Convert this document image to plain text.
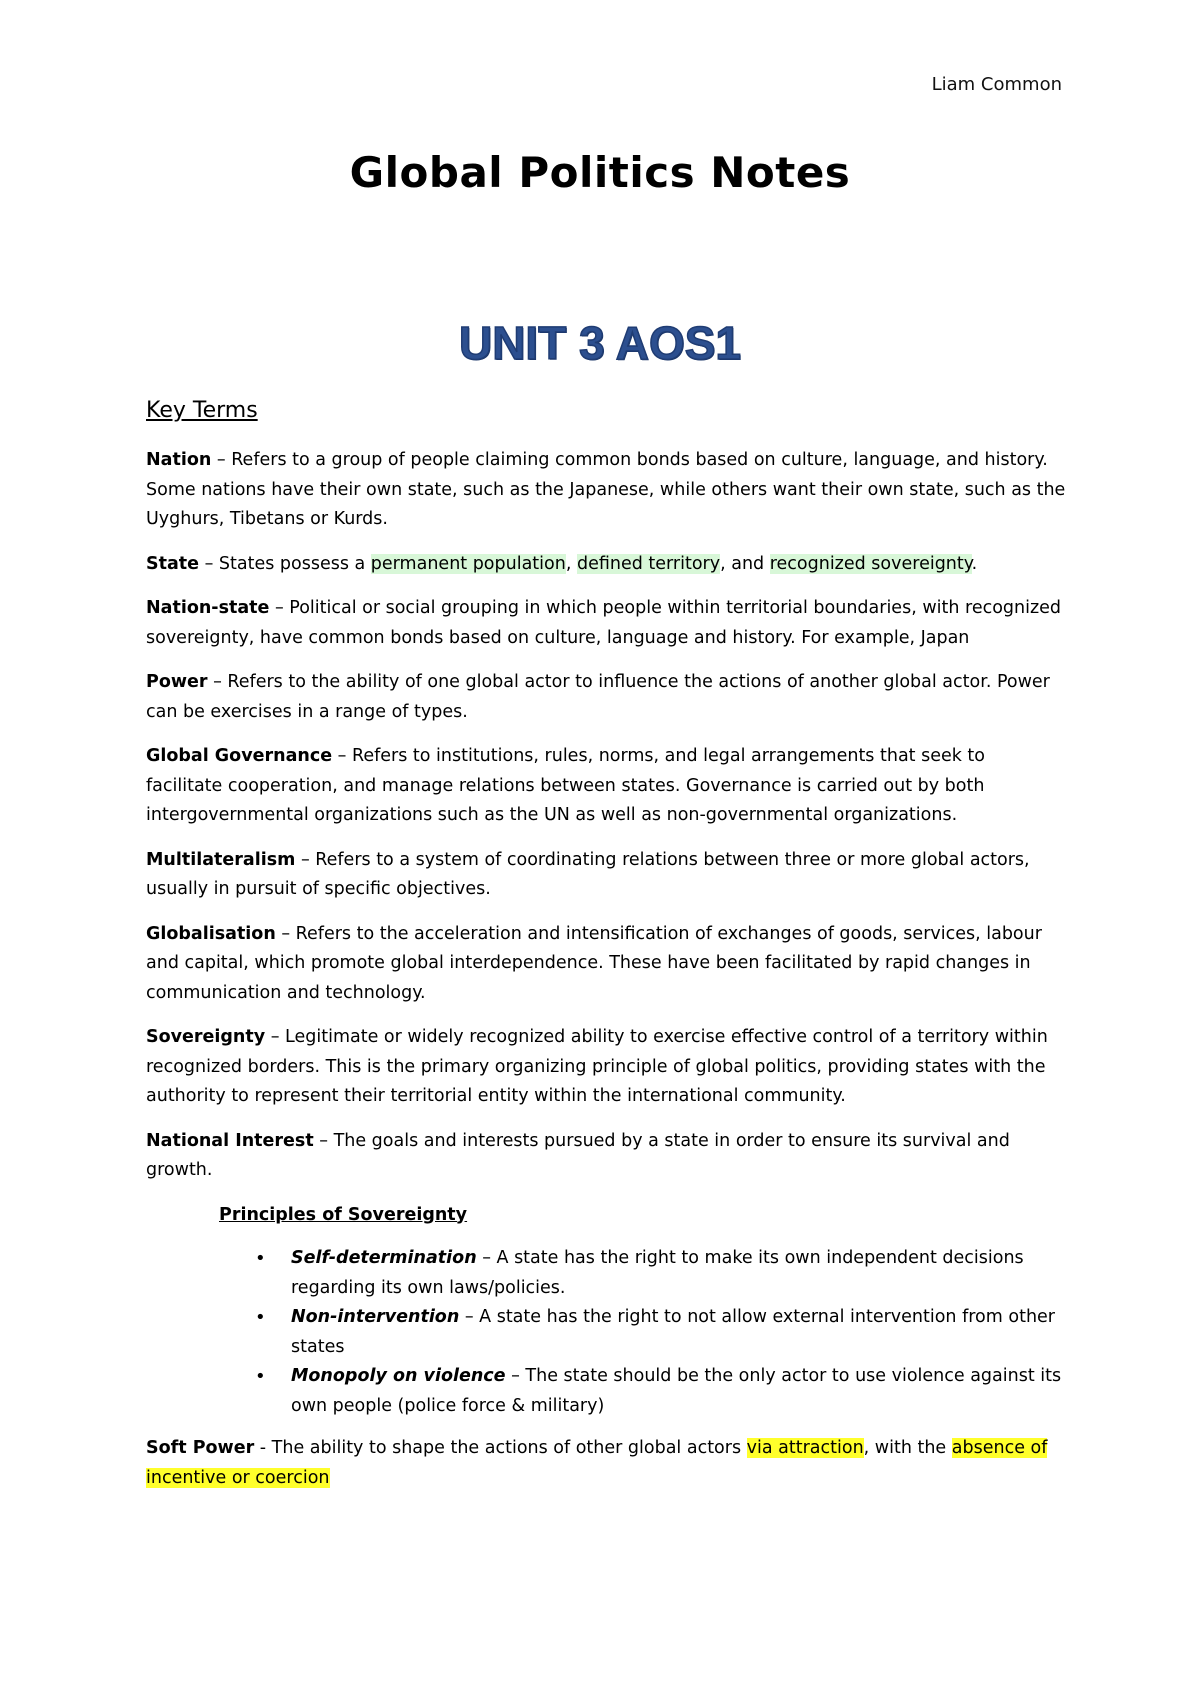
Liam Common
Global Politics Notes
UNIT 3 AOS1
Key Terms

Nation – Refers to a group of people claiming common bonds based on culture, language, and history. Some nations have their own state, such as the Japanese, while others want their own state, such as the Uyghurs, Tibetans or Kurds.

State – States possess a permanent population, defined territory, and recognized sovereignty.

Nation-state – Political or social grouping in which people within territorial boundaries, with recognized sovereignty, have common bonds based on culture, language and history. For example, Japan

Power – Refers to the ability of one global actor to influence the actions of another global actor. Power can be exercises in a range of types.

Global Governance – Refers to institutions, rules, norms, and legal arrangements that seek to facilitate cooperation, and manage relations between states. Governance is carried out by both intergovernmental organizations such as the UN as well as non-governmental organizations.

Multilateralism – Refers to a system of coordinating relations between three or more global actors, usually in pursuit of specific objectives.

Globalisation – Refers to the acceleration and intensification of exchanges of goods, services, labour and capital, which promote global interdependence. These have been facilitated by rapid changes in communication and technology.

Sovereignty – Legitimate or widely recognized ability to exercise effective control of a territory within recognized borders. This is the primary organizing principle of global politics, providing states with the authority to represent their territorial entity within the international community.

National Interest – The goals and interests pursued by a state in order to ensure its survival and growth.

Principles of Sovereignty
• Self-determination – A state has the right to make its own independent decisions regarding its own laws/policies.
• Non-intervention – A state has the right to not allow external intervention from other states
• Monopoly on violence – The state should be the only actor to use violence against its own people (police force & military)

Soft Power - The ability to shape the actions of other global actors via attraction, with the absence of incentive or coercion
